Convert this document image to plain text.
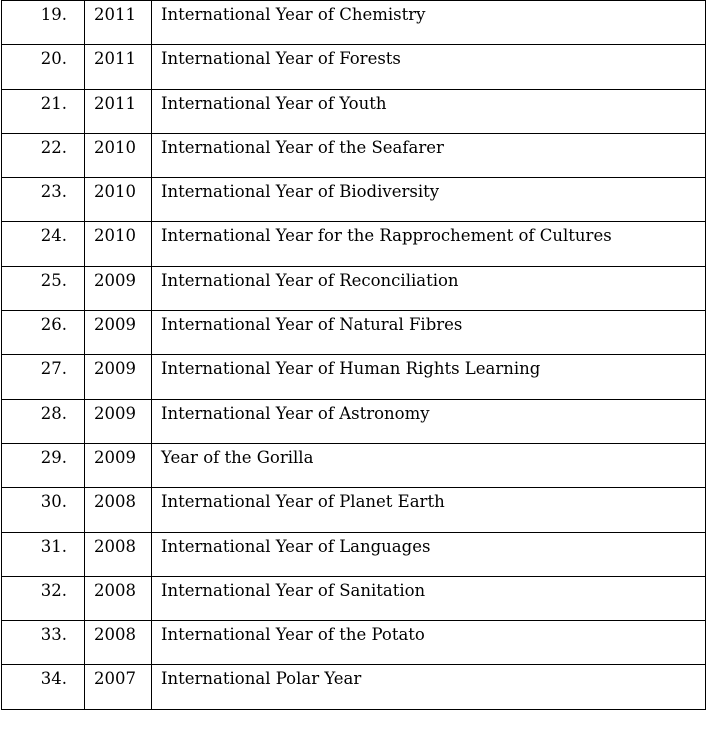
19.	2011	International Year of Chemistry

20.	2011	International Year of Forests

21.	2011	International Year of Youth

22.	2010	International Year of the Seafarer

23.	2010	International Year of Biodiversity

24.	2010	International Year for the Rapprochement of Cultures

25.	2009	International Year of Reconciliation

26.	2009	International Year of Natural Fibres

27.	2009	International Year of Human Rights Learning

28.	2009	International Year of Astronomy

29.	2009	Year of the Gorilla

30.	2008	International Year of Planet Earth

31.	2008	International Year of Languages

32.	2008	International Year of Sanitation

33.	2008	International Year of the Potato

34.	2007	International Polar Year
